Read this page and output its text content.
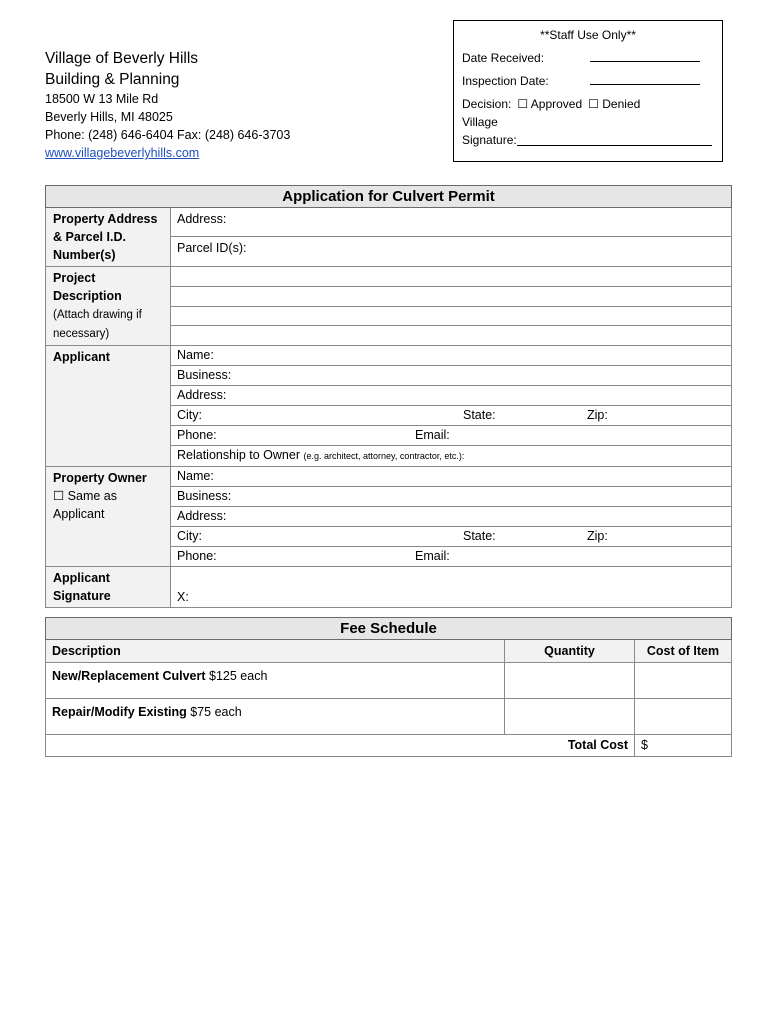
Village of Beverly Hills
Building & Planning
18500 W 13 Mile Rd
Beverly Hills, MI 48025
Phone: (248) 646-6404 Fax: (248) 646-3703
www.villagebeverlyhills.com
**Staff Use Only**
Date Received:
Inspection Date:
Decision: ☐ Approved ☐ Denied
Village
Signature:
Application for Culvert Permit	
Property Address & Parcel I.D. Number(s)	Address:
	Parcel ID(s):
Project Description
(Attach drawing if necessary)	

Applicant	Name:
	Business:
	Address:

	City: State: Zip:

	Phone: Email:

	Relationship to Owner (e.g. architect, attorney, contractor, etc.):
Property Owner
☐ Same as Applicant	Name:
	Business:
	Address:

	City: State: Zip:

	Phone: Email:

Applicant Signature	X:
Fee Schedule		
Description	Quantity	Cost of Item
New/Replacement Culvert $125 each		
Repair/Modify Existing $75 each		
Total Cost		$
